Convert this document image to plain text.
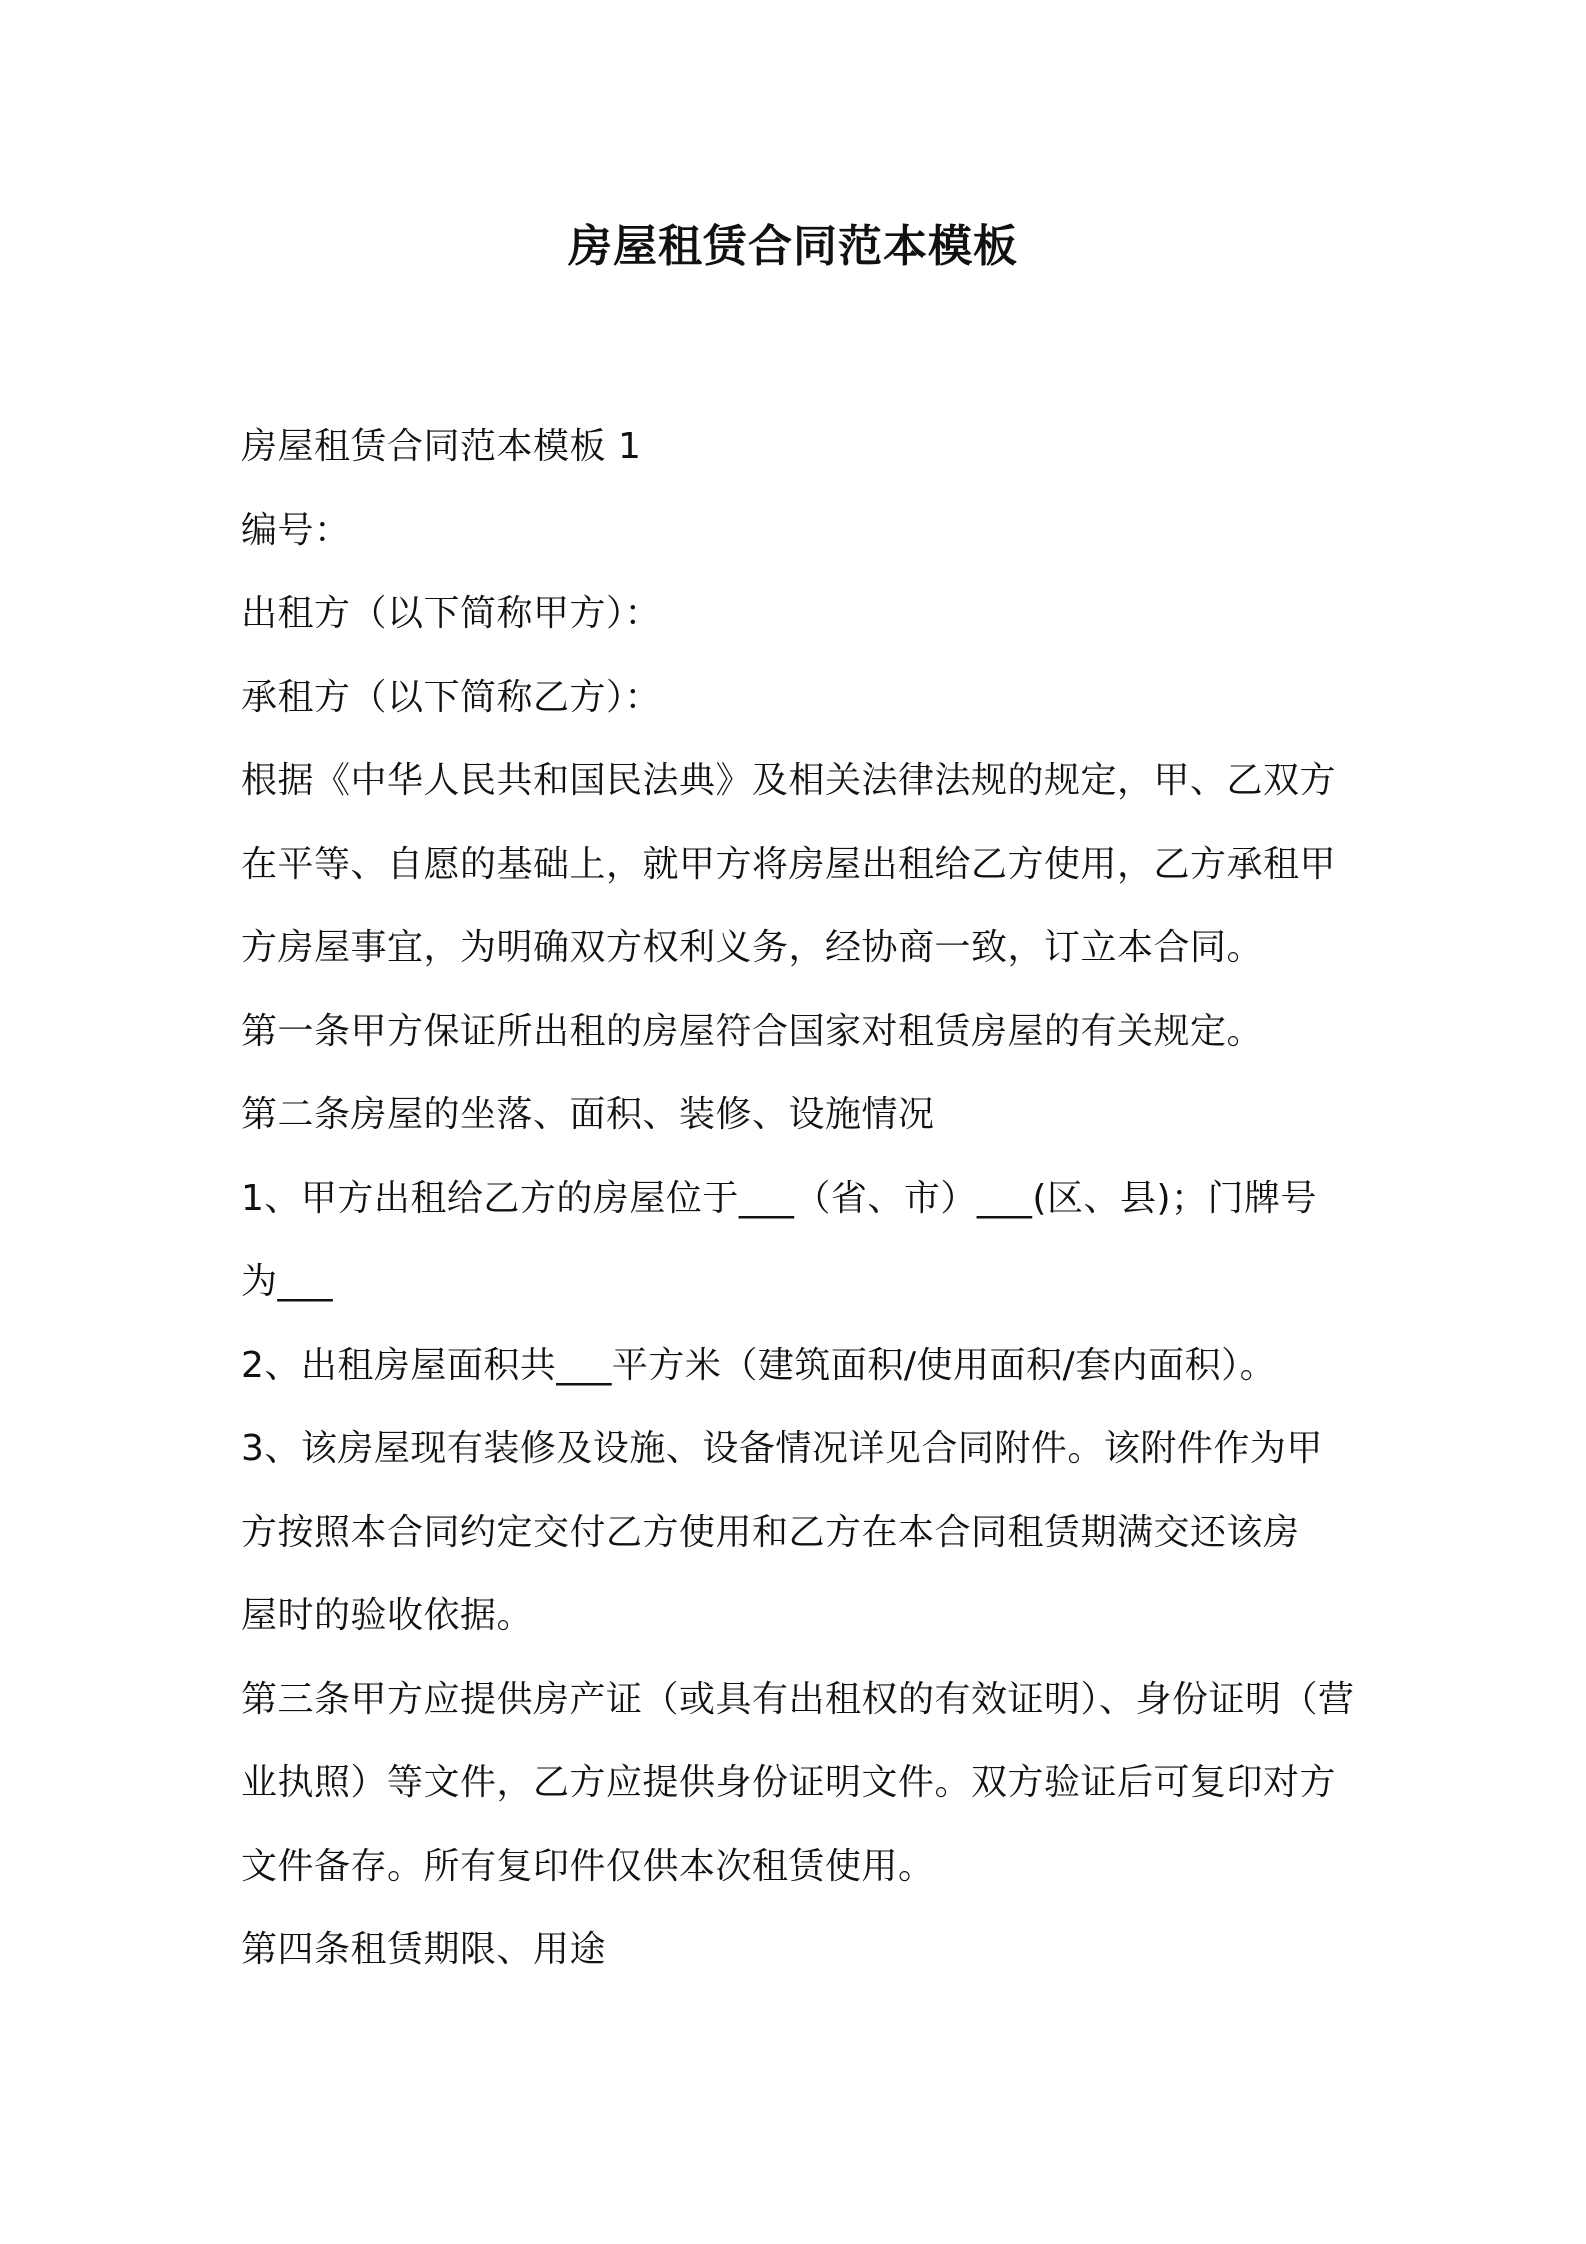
房屋租赁合同范本模板
房屋租赁合同范本模板 1
编号：
出租方（以下简称甲方）：
承租方（以下简称乙方）：
根据《中华人民共和国民法典》及相关法律法规的规定，甲、乙双方
在平等、自愿的基础上，就甲方将房屋出租给乙方使用，乙方承租甲
方房屋事宜，为明确双方权利义务，经协商一致，订立本合同。
第一条甲方保证所出租的房屋符合国家对租赁房屋的有关规定。
第二条房屋的坐落、面积、装修、设施情况
1、甲方出租给乙方的房屋位于___（省、市）___(区、县)；门牌号
为___
2、出租房屋面积共___平方米（建筑面积/使用面积/套内面积）。
3、该房屋现有装修及设施、设备情况详见合同附件。该附件作为甲
方按照本合同约定交付乙方使用和乙方在本合同租赁期满交还该房
屋时的验收依据。
第三条甲方应提供房产证（或具有出租权的有效证明）、身份证明（营
业执照）等文件，乙方应提供身份证明文件。双方验证后可复印对方
文件备存。所有复印件仅供本次租赁使用。
第四条租赁期限、用途
